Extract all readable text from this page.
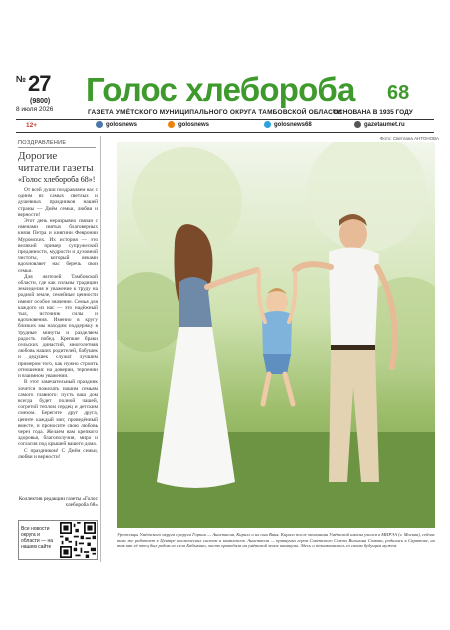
№27
(9800)
8 июля 2026
Голос хлебороба 68
ГАЗЕТА УМЁТСКОГО МУНИЦИПАЛЬНОГО ОКРУГА ТАМБОВСКОЙ ОБЛАСТИ
ОСНОВАНА В 1935 ГОДУ
12+	golosnews	golosnews	golosnews68	gazetaumet.ru
ПОЗДРАВЛЕНИЕ
Дорогие читатели газеты
«Голос хлебороба 68»!

От всей души поздравляем вас с одним из самых светлых и душевных праздников нашей страны — Днём семьи, любви и верности!

Этот день неразрывно связан с именами святых благоверных князя Петра и княгини Февронии Муромских. Их история — это великий пример супружеской преданности, мудрости и духовной чистоты, который веками вдохновляет нас беречь свои семьи.

Для жителей Тамбовской области, где как сильны традиции земледелия и уважение к труду на родной земле, семейные ценности имеют особое значение. Семья для каждого из нас — это надёжный тыл, источник силы и вдохновения. Именно в кругу близких мы находим поддержку в трудные минуты и разделяем радость побед. Крепкие браки сельских династий, многолетняя любовь наших родителей, бабушек и дедушек служат лучшим примером того, как нужно строить отношения: на доверии, терпении и взаимном уважении.

В этот замечательный праздник хочется пожелать нашим семьям самого главного: пусть ваш дом всегда будет полной чашей, согретой теплом сердец и детским смехом. Берегите друг друга, цените каждый миг, проведённый вместе, и проносите свою любовь через года. Желаем вам крепкого здоровья, благополучия, мира и согласия под крышей вашего дома.

С праздником! С Днём семьи, любви и верности!

Коллектив редакции газеты «Голос хлебороба 68»
Все новости округа и области — на нашем сайте
Фото: Светлана АНТОНОВА
Уроженцы Умётского округа супруги Горкин — Анастасия, Кирилл и их сын Ваня. Кирилл после окончания Умётской школы учился в МИРЭА (г. Москва), сейчас там же работает в Центре космических систем и комплексов. Анастасия — правнучка героя Советского Союза Вильгина Сомова, родилась в Саратове, но так как её отец был родом из села Бабыкино, часто проводила на умётской земле каникулы. Здесь и познакомилась со своим будущим мужем.
